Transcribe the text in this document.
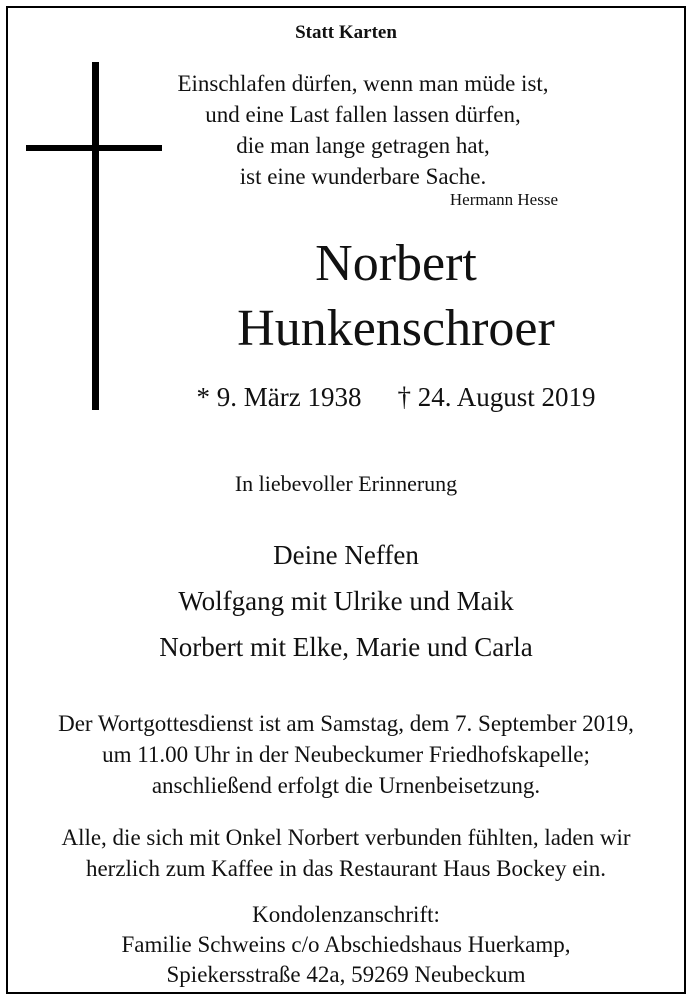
Statt Karten
Einschlafen dürfen, wenn man müde ist,
und eine Last fallen lassen dürfen,
die man lange getragen hat,
ist eine wunderbare Sache.
Hermann Hesse
Norbert
Hunkenschroer
* 9. März 1938 † 24. August 2019
In liebevoller Erinnerung
Deine Neffen
Wolfgang mit Ulrike und Maik
Norbert mit Elke, Marie und Carla
Der Wortgottesdienst ist am Samstag, dem 7. September 2019,
um 11.00 Uhr in der Neubeckumer Friedhofskapelle;
anschließend erfolgt die Urnenbeisetzung.
Alle, die sich mit Onkel Norbert verbunden fühlten, laden wir
herzlich zum Kaffee in das Restaurant Haus Bockey ein.
Kondolenzanschrift:
Familie Schweins c/o Abschiedshaus Huerkamp,
Spiekersstraße 42a, 59269 Neubeckum
